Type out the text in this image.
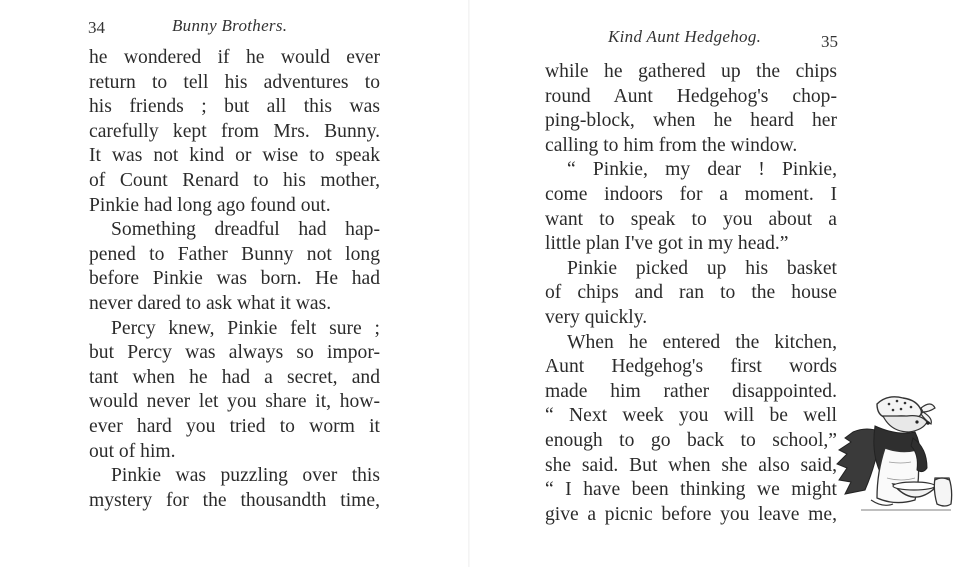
34	Bunny Brothers.
he wondered if he would ever
return to tell his adventures to
his friends ; but all this was
carefully kept from Mrs. Bunny.
It was not kind or wise to speak
of Count Renard to his mother,
Pinkie had long ago found out.
Something dreadful had hap-
pened to Father Bunny not long
before Pinkie was born. He had
never dared to ask what it was.
Percy knew, Pinkie felt sure ;
but Percy was always so impor-
tant when he had a secret, and
would never let you share it, how-
ever hard you tried to worm it
out of him.
Pinkie was puzzling over this
mystery for the thousandth time,
Kind Aunt Hedgehog.	35
while he gathered up the chips
round Aunt Hedgehog's chop-
ping-block, when he heard her
calling to him from the window.
“ Pinkie, my dear ! Pinkie,
come indoors for a moment. I
want to speak to you about a
little plan I've got in my head.”
Pinkie picked up his basket
of chips and ran to the house
very quickly.
When he entered the kitchen,
Aunt Hedgehog's first words
made him rather disappointed.
“ Next week you will be well
enough to go back to school,”
she said. But when she also said,
“ I have been thinking we might
give a picnic before you leave me,
